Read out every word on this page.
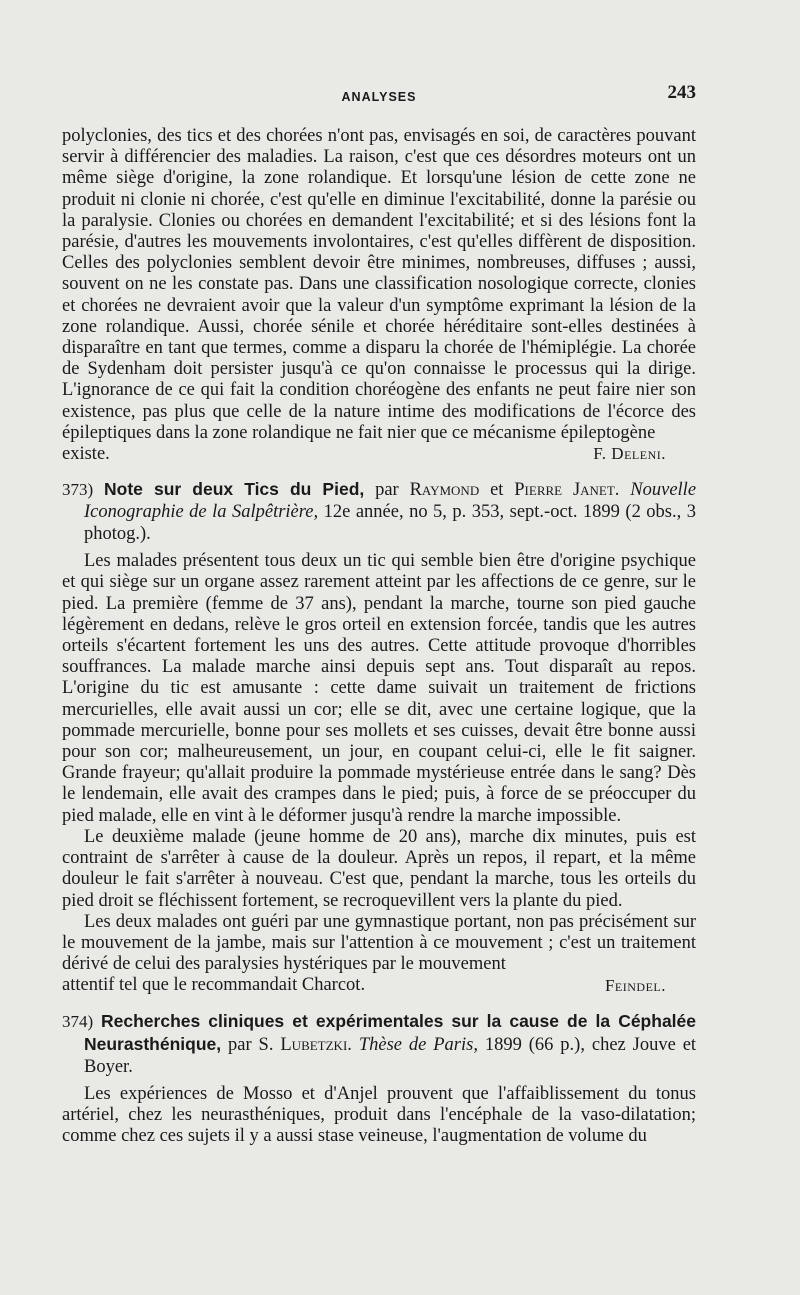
ANALYSES	243

polyclonies, des tics et des chorées n'ont pas, envisagés en soi, de caractères pouvant servir à différencier des maladies. La raison, c'est que ces désordres moteurs ont un même siège d'origine, la zone rolandique. Et lorsqu'une lésion de cette zone ne produit ni clonie ni chorée, c'est qu'elle en diminue l'excitabilité, donne la parésie ou la paralysie. Clonies ou chorées en demandent l'excitabilité; et si des lésions font la parésie, d'autres les mouvements involontaires, c'est qu'elles diffèrent de disposition. Celles des polyclonies semblent devoir être minimes, nombreuses, diffuses ; aussi, souvent on ne les constate pas. Dans une classification nosologique correcte, clonies et chorées ne devraient avoir que la valeur d'un symptôme exprimant la lésion de la zone rolandique. Aussi, chorée sénile et chorée héréditaire sont-elles destinées à disparaître en tant que termes, comme a disparu la chorée de l'hémiplégie. La chorée de Sydenham doit persister jusqu'à ce qu'on connaisse le processus qui la dirige. L'ignorance de ce qui fait la condition choréogène des enfants ne peut faire nier son existence, pas plus que celle de la nature intime des modifications de l'écorce des épileptiques dans la zone rolandique ne fait nier que ce mécanisme épileptogène

existe.	F. Deleni.

373) Note sur deux Tics du Pied, par Raymond et Pierre Janet. Nouvelle Iconographie de la Salpêtrière, 12e année, no 5, p. 353, sept.-oct. 1899 (2 obs., 3 photog.).

Les malades présentent tous deux un tic qui semble bien être d'origine psychique et qui siège sur un organe assez rarement atteint par les affections de ce genre, sur le pied. La première (femme de 37 ans), pendant la marche, tourne son pied gauche légèrement en dedans, relève le gros orteil en extension forcée, tandis que les autres orteils s'écartent fortement les uns des autres. Cette attitude provoque d'horribles souffrances. La malade marche ainsi depuis sept ans. Tout disparaît au repos. L'origine du tic est amusante : cette dame suivait un traitement de frictions mercurielles, elle avait aussi un cor; elle se dit, avec une certaine logique, que la pommade mercurielle, bonne pour ses mollets et ses cuisses, devait être bonne aussi pour son cor; malheureusement, un jour, en coupant celui-ci, elle le fit saigner. Grande frayeur; qu'allait produire la pommade mystérieuse entrée dans le sang? Dès le lendemain, elle avait des crampes dans le pied; puis, à force de se préoccuper du pied malade, elle en vint à le déformer jusqu'à rendre la marche impossible.

Le deuxième malade (jeune homme de 20 ans), marche dix minutes, puis est contraint de s'arrêter à cause de la douleur. Après un repos, il repart, et la même douleur le fait s'arrêter à nouveau. C'est que, pendant la marche, tous les orteils du pied droit se fléchissent fortement, se recroquevillent vers la plante du pied.

Les deux malades ont guéri par une gymnastique portant, non pas précisément sur le mouvement de la jambe, mais sur l'attention à ce mouvement ; c'est un traitement dérivé de celui des paralysies hystériques par le mouvement

attentif tel que le recommandait Charcot.	Feindel.

374) Recherches cliniques et expérimentales sur la cause de la Céphalée Neurasthénique, par S. Lubetzki. Thèse de Paris, 1899 (66 p.), chez Jouve et Boyer.

Les expériences de Mosso et d'Anjel prouvent que l'affaiblissement du tonus artériel, chez les neurasthéniques, produit dans l'encéphale de la vaso-dilatation; comme chez ces sujets il y a aussi stase veineuse, l'augmentation de volume du
